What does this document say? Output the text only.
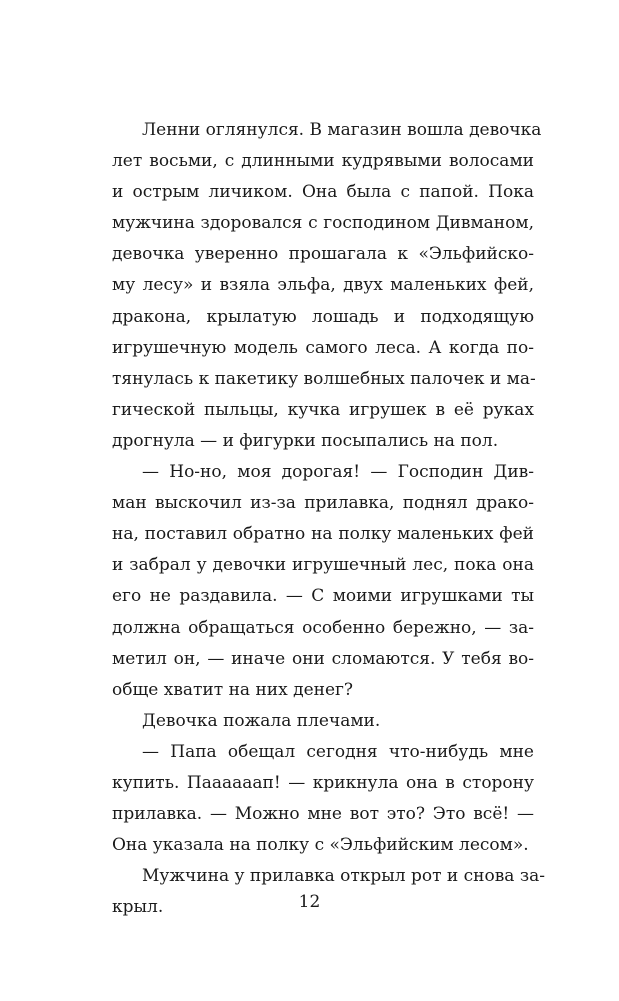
Ленни оглянулся. В магазин вошла девочка
лет восьми, с длинными кудрявыми волосами
и острым личиком. Она была с папой. Пока
мужчина здоровался с господином Дивманом,
девочка уверенно прошагала к «Эльфийско-
му лесу» и взяла эльфа, двух маленьких фей,
дракона, крылатую лошадь и подходящую
игрушечную модель самого леса. А когда по-
тянулась к пакетику волшебных палочек и ма-
гической пыльцы, кучка игрушек в её руках
дрогнула — и фигурки посыпались на пол.
— Но-но, моя дорогая! — Господин Див-
ман выскочил из-за прилавка, поднял драко-
на, поставил обратно на полку маленьких фей
и забрал у девочки игрушечный лес, пока она
его не раздавила. — С моими игрушками ты
должна обращаться особенно бережно, — за-
метил он, — иначе они сломаются. У тебя во-
обще хватит на них денег?
Девочка пожала плечами.
— Папа обещал сегодня что-нибудь мне
купить. Паааааап! — крикнула она в сторону
прилавка. — Можно мне вот это? Это всё! —
Она указала на полку с «Эльфийским лесом».
Мужчина у прилавка открыл рот и снова за-
крыл.	12
